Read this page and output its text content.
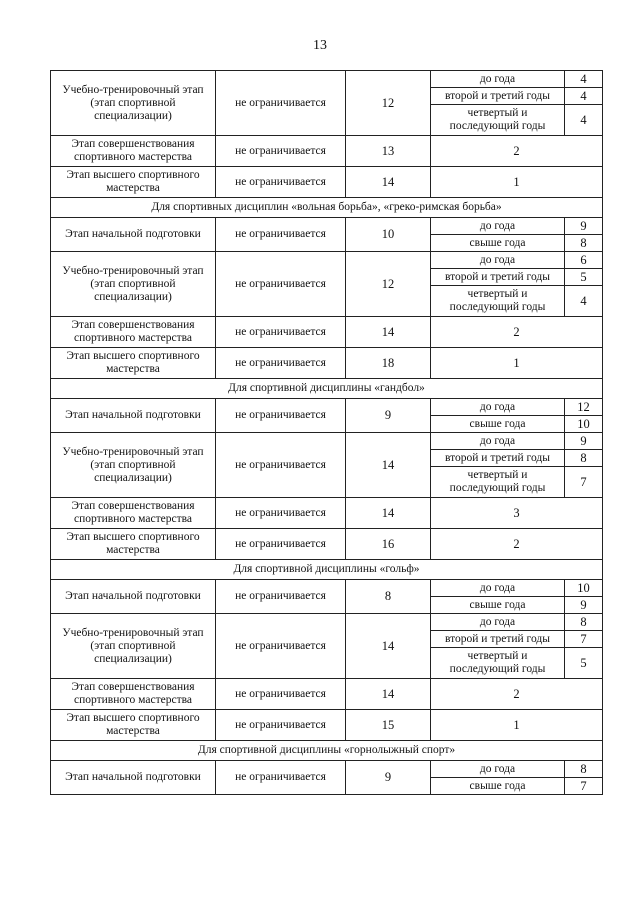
13
Учебно-тренировочный этап (этап спортивной специализации)	не ограничивается	12	до года	4
			второй и третий годы	4
			четвертый и последующий годы	4
Этап совершенствования спортивного мастерства	не ограничивается	13	2	
Этап высшего спортивного мастерства	не ограничивается	14	1	
Для спортивных дисциплин «вольная борьба», «греко-римская борьба»				
Этап начальной подготовки	не ограничивается	10	до года	9
			свыше года	8
Учебно-тренировочный этап (этап спортивной специализации)	не ограничивается	12	до года	6
			второй и третий годы	5
			четвертый и последующий годы	4
Этап совершенствования спортивного мастерства	не ограничивается	14	2	
Этап высшего спортивного мастерства	не ограничивается	18	1	
Для спортивной дисциплины «гандбол»				
Этап начальной подготовки	не ограничивается	9	до года	12
			свыше года	10
Учебно-тренировочный этап (этап спортивной специализации)	не ограничивается	14	до года	9
			второй и третий годы	8
			четвертый и последующий годы	7
Этап совершенствования спортивного мастерства	не ограничивается	14	3	
Этап высшего спортивного мастерства	не ограничивается	16	2	
Для спортивной дисциплины «гольф»				
Этап начальной подготовки	не ограничивается	8	до года	10
			свыше года	9
Учебно-тренировочный этап (этап спортивной специализации)	не ограничивается	14	до года	8
			второй и третий годы	7
			четвертый и последующий годы	5
Этап совершенствования спортивного мастерства	не ограничивается	14	2	
Этап высшего спортивного мастерства	не ограничивается	15	1	
Для спортивной дисциплины «горнолыжный спорт»				
Этап начальной подготовки	не ограничивается	9	до года	8
			свыше года	7
